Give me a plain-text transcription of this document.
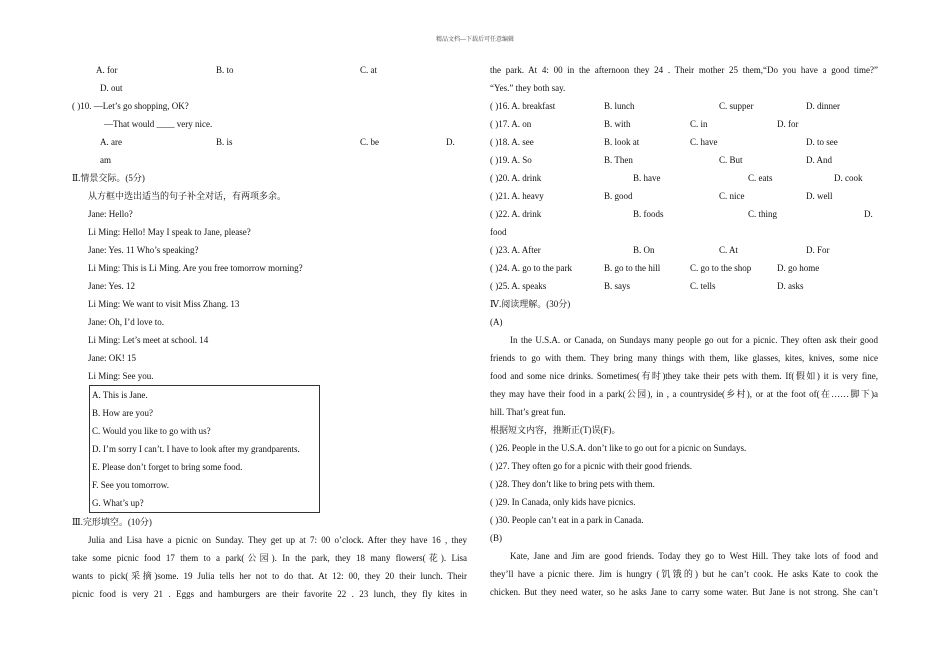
精品文档---下载后可任意编辑
A. for	B. to	C. at
D. out
( )10. —Let’s go shopping, OK?
—That would ____ very nice.
A. are	B. is	C. be	D.
am
Ⅱ.情景交际。(5分)
从方框中选出适当的句子补全对话，有两项多余。
Jane: Hello?
Li Ming: Hello! May I speak to Jane, please?
Jane: Yes. 11 Who’s speaking?
Li Ming: This is Li Ming. Are you free tomorrow morning?
Jane: Yes. 12
Li Ming: We want to visit Miss Zhang. 13
Jane: Oh, I’d love to.
Li Ming: Let’s meet at school. 14
Jane: OK! 15
Li Ming: See you.
A. This is Jane.
B. How are you?
C. Would you like to go with us?
D. I’m sorry I can’t. I have to look after my grandparents.
E. Please don’t forget to bring some food.
F. See you tomorrow.
G. What’s up?
Ⅲ.完形填空。(10分)
Julia and Lisa have a picnic on Sunday. They get up at 7: 00 o’clock. After they have 16 , they
take some picnic food 17 them to a park(公园). In the park, they 18 many flowers(花). Lisa
wants to pick(采摘)some. 19 Julia tells her not to do that. At 12: 00, they 20 their lunch. Their
picnic food is very 21 . Eggs and hamburgers are their favorite 22 . 23 lunch, they fly kites in
the park. At 4: 00 in the afternoon they 24 . Their mother 25 them,“Do you have a good time?”
“Yes.” they both say.
( )16. A. breakfast	B. lunch	C. supper	D. dinner
( )17. A. on	B. with	C. in	D. for
( )18. A. see	B. look at	C. have	D. to see
( )19. A. So	B. Then	C. But	D. And
( )20. A. drink	B. have	C. eats	D. cook
( )21. A. heavy	B. good	C. nice	D. well
( )22. A. drink	B. foods	C. thing	D.
food
( )23. A. After	B. On	C. At	D. For
( )24. A. go to the park	B. go to the hill	C. go to the shop	D. go home
( )25. A. speaks	B. says	C. tells	D. asks
Ⅳ.阅读理解。(30分)
(A)
In the U.S.A. or Canada, on Sundays many people go out for a picnic. They often ask their good
friends to go with them. They bring many things with them, like glasses, kites, knives, some nice
food and some nice drinks. Sometimes(有时)they take their pets with them. If(假如) it is very fine,
they may have their food in a park(公园), in , a countryside(乡村), or at the foot of(在……脚下)a
hill. That’s great fun.
根据短文内容，推断正(T)误(F)。
( )26. People in the U.S.A. don’t like to go out for a picnic on Sundays.
( )27. They often go for a picnic with their good friends.
( )28. They don’t like to bring pets with them.
( )29. In Canada, only kids have picnics.
( )30. People can’t eat in a park in Canada.
(B)
Kate, Jane and Jim are good friends. Today they go to West Hill. They take lots of food and
they’ll have a picnic there. Jim is hungry (饥饿的) but he can’t cook. He asks Kate to cook the
chicken. But they need water, so he asks Jane to carry some water. But Jane is not strong. She can’t
